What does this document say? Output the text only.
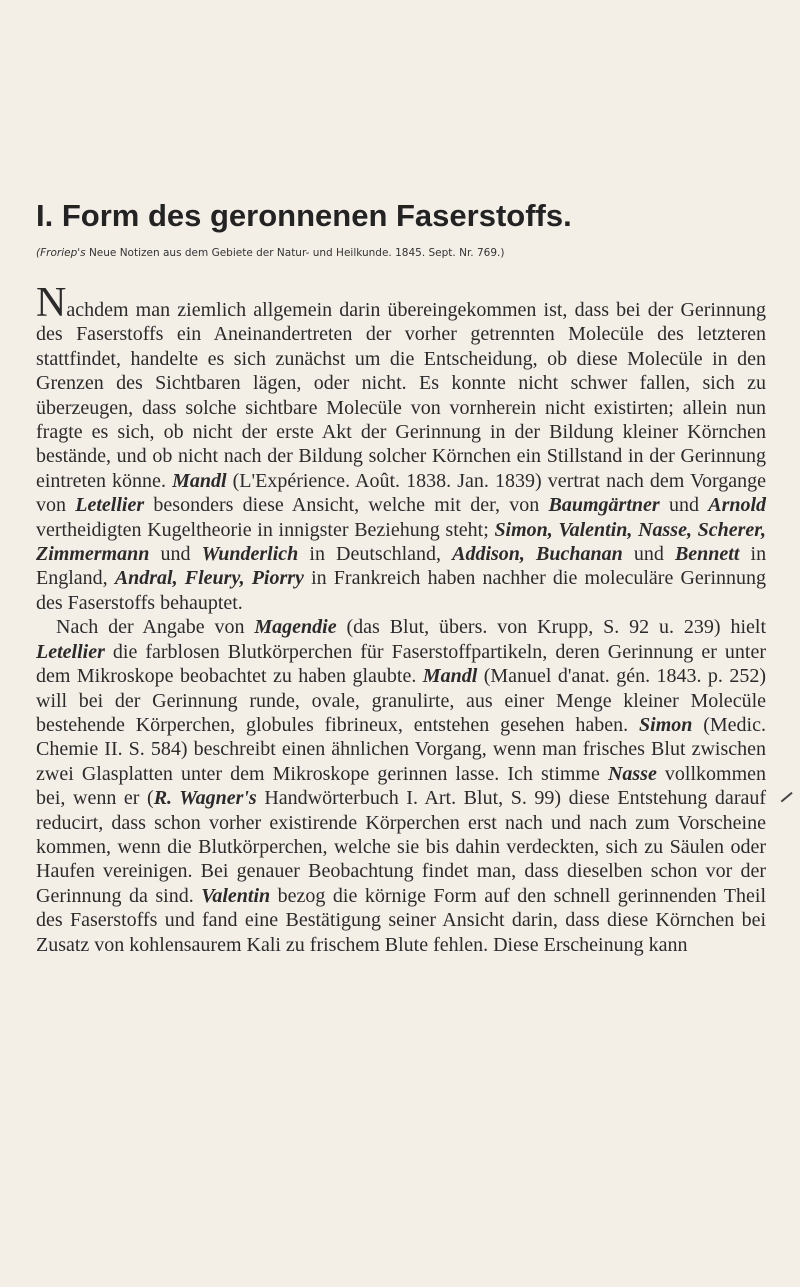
I. Form des geronnenen Faserstoffs.
(Froriep's Neue Notizen aus dem Gebiete der Natur- und Heilkunde. 1845. Sept. Nr. 769.)

Nachdem man ziemlich allgemein darin übereingekommen ist, dass bei der Gerinnung des Faserstoffs ein Aneinandertreten der vorher getrennten Molecüle des letzteren stattfindet, handelte es sich zunächst um die Entscheidung, ob diese Molecüle in den Grenzen des Sichtbaren lägen, oder nicht. Es konnte nicht schwer fallen, sich zu überzeugen, dass solche sichtbare Molecüle von vornherein nicht existirten; allein nun fragte es sich, ob nicht der erste Akt der Gerinnung in der Bildung kleiner Körnchen bestände, und ob nicht nach der Bildung solcher Körnchen ein Stillstand in der Gerinnung eintreten könne. Mandl (L'Expérience. Août. 1838. Jan. 1839) vertrat nach dem Vorgange von Letellier besonders diese Ansicht, welche mit der, von Baumgärtner und Arnold vertheidigten Kugeltheorie in innigster Beziehung steht; Simon, Valentin, Nasse, Scherer, Zimmermann und Wunderlich in Deutschland, Addison, Buchanan und Bennett in England, Andral, Fleury, Piorry in Frankreich haben nachher die moleculäre Gerinnung des Faserstoffs behauptet.

Nach der Angabe von Magendie (das Blut, übers. von Krupp, S. 92 u. 239) hielt Letellier die farblosen Blutkörperchen für Faserstoffpartikeln, deren Gerinnung er unter dem Mikroskope beobachtet zu haben glaubte. Mandl (Manuel d'anat. gén. 1843. p. 252) will bei der Gerinnung runde, ovale, granulirte, aus einer Menge kleiner Molecüle bestehende Körperchen, globules fibrineux, entstehen gesehen haben. Simon (Medic. Chemie II. S. 584) beschreibt einen ähnlichen Vorgang, wenn man frisches Blut zwischen zwei Glasplatten unter dem Mikroskope gerinnen lasse. Ich stimme Nasse vollkommen bei, wenn er (R. Wagner's Handwörterbuch I. Art. Blut, S. 99) diese Entstehung darauf reducirt, dass schon vorher existirende Körperchen erst nach und nach zum Vorscheine kommen, wenn die Blutkörperchen, welche sie bis dahin verdeckten, sich zu Säulen oder Haufen vereinigen. Bei genauer Beobachtung findet man, dass dieselben schon vor der Gerinnung da sind. Valentin bezog die körnige Form auf den schnell gerinnenden Theil des Faserstoffs und fand eine Bestätigung seiner Ansicht darin, dass diese Körnchen bei Zusatz von kohlensaurem Kali zu frischem Blute fehlen. Diese Erscheinung kann
